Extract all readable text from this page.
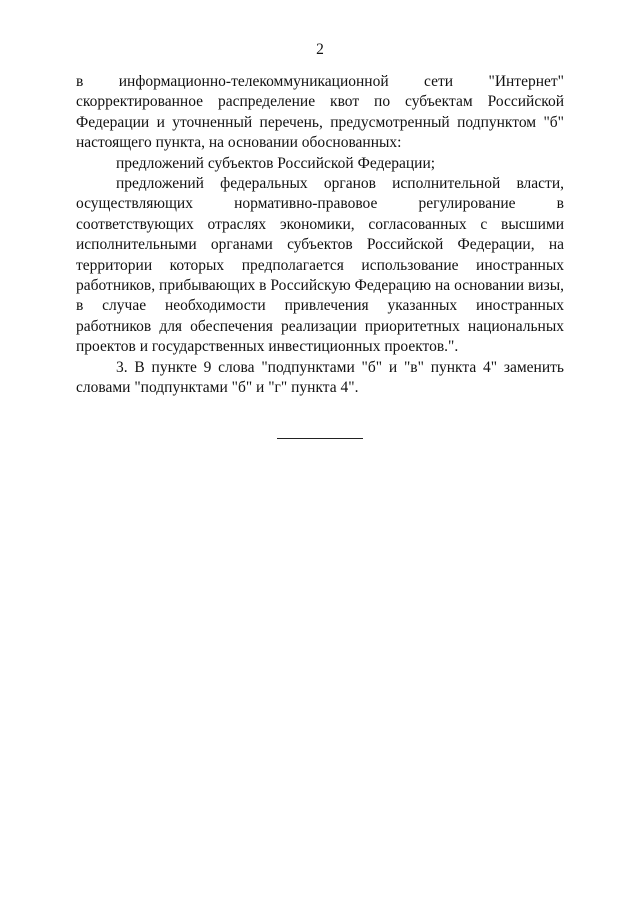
2

в информационно-телекоммуникационной сети "Интернет" скорректированное распределение квот по субъектам Российской Федерации и уточненный перечень, предусмотренный подпунктом "б" настоящего пункта, на основании обоснованных:

предложений субъектов Российской Федерации;

предложений федеральных органов исполнительной власти, осуществляющих нормативно-правовое регулирование в соответствующих отраслях экономики, согласованных с высшими исполнительными органами субъектов Российской Федерации, на территории которых предполагается использование иностранных работников, прибывающих в Российскую Федерацию на основании визы, в случае необходимости привлечения указанных иностранных работников для обеспечения реализации приоритетных национальных проектов и государственных инвестиционных проектов.".

3. В пункте 9 слова "подпунктами "б" и "в" пункта 4" заменить словами "подпунктами "б" и "г" пункта 4".
